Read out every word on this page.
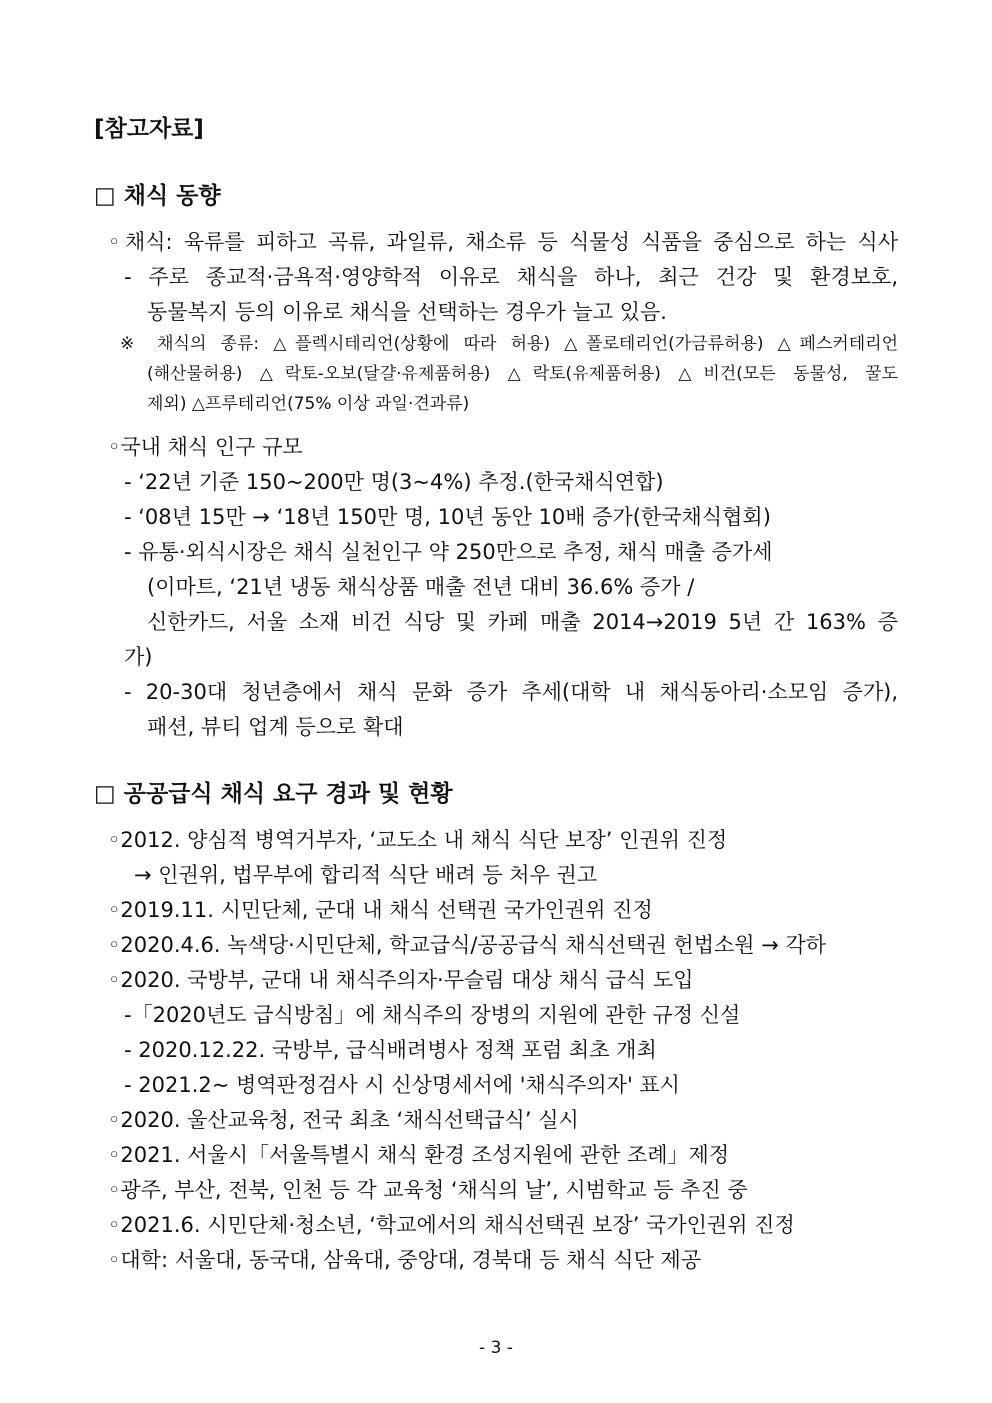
[참고자료]
□ 채식 동향
◦채식: 육류를 피하고 곡류, 과일류, 채소류 등 식물성 식품을 중심으로 하는 식사
- 주로 종교적·금욕적·영양학적 이유로 채식을 하나, 최근 건강 및 환경보호,
동물복지 등의 이유로 채식을 선택하는 경우가 늘고 있음.
※ 채식의 종류: △플렉시테리언(상황에 따라 허용) △폴로테리언(가금류허용) △페스커테리언
(해산물허용) △락토-오보(달걀·유제품허용) △락토(유제품허용) △비건(모든 동물성, 꿀도
제외) △프루테리언(75% 이상 과일·견과류)
◦국내 채식 인구 규모
- ‘22년 기준 150~200만 명(3~4%) 추정.(한국채식연합)
- ‘08년 15만 → ‘18년 150만 명, 10년 동안 10배 증가(한국채식협회)
- 유통·외식시장은 채식 실천인구 약 250만으로 추정, 채식 매출 증가세
(이마트, ‘21년 냉동 채식상품 매출 전년 대비 36.6% 증가 /
신한카드, 서울 소재 비건 식당 및 카페 매출 2014→2019 5년 간 163% 증
가)
- 20-30대 청년층에서 채식 문화 증가 추세(대학 내 채식동아리·소모임 증가),
패션, 뷰티 업계 등으로 확대
□ 공공급식 채식 요구 경과 및 현황
◦2012. 양심적 병역거부자, ‘교도소 내 채식 식단 보장’ 인권위 진정
→ 인권위, 법무부에 합리적 식단 배려 등 처우 권고
◦2019.11. 시민단체, 군대 내 채식 선택권 국가인권위 진정
◦2020.4.6. 녹색당·시민단체, 학교급식/공공급식 채식선택권 헌법소원 → 각하
◦2020. 국방부, 군대 내 채식주의자·무슬림 대상 채식 급식 도입
-「2020년도 급식방침」에 채식주의 장병의 지원에 관한 규정 신설
- 2020.12.22. 국방부, 급식배려병사 정책 포럼 최초 개최
- 2021.2~ 병역판정검사 시 신상명세서에 '채식주의자' 표시
◦2020. 울산교육청, 전국 최초 ‘채식선택급식’ 실시
◦2021. 서울시「서울특별시 채식 환경 조성지원에 관한 조례」제정
◦광주, 부산, 전북, 인천 등 각 교육청 ‘채식의 날’, 시범학교 등 추진 중
◦2021.6. 시민단체·청소년, ‘학교에서의 채식선택권 보장’ 국가인권위 진정
◦대학: 서울대, 동국대, 삼육대, 중앙대, 경북대 등 채식 식단 제공
- 3 -
